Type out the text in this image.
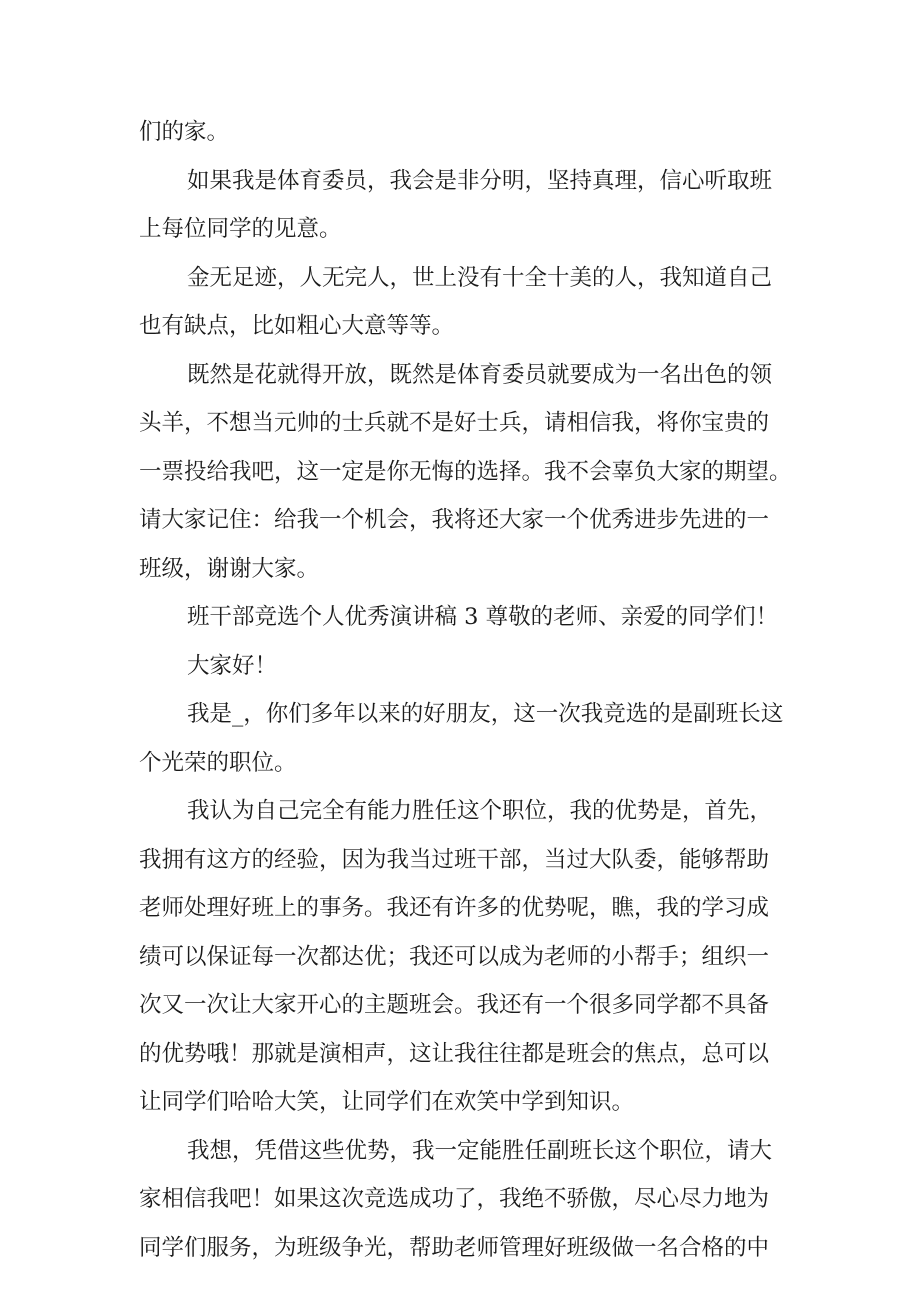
们的家。
如果我是体育委员，我会是非分明，坚持真理，信心听取班
上每位同学的见意。
金无足迹，人无完人，世上没有十全十美的人，我知道自己
也有缺点，比如粗心大意等等。
既然是花就得开放，既然是体育委员就要成为一名出色的领
头羊，不想当元帅的士兵就不是好士兵，请相信我，将你宝贵的
一票投给我吧，这一定是你无悔的选择。我不会辜负大家的期望。
请大家记住：给我一个机会，我将还大家一个优秀进步先进的一
班级，谢谢大家。
班干部竞选个人优秀演讲稿 3 尊敬的老师、亲爱的同学们！
大家好！
我是_，你们多年以来的好朋友，这一次我竞选的是副班长这
个光荣的职位。
我认为自己完全有能力胜任这个职位，我的优势是，首先，
我拥有这方的经验，因为我当过班干部，当过大队委，能够帮助
老师处理好班上的事务。我还有许多的优势呢，瞧，我的学习成
绩可以保证每一次都达优；我还可以成为老师的小帮手；组织一
次又一次让大家开心的主题班会。我还有一个很多同学都不具备
的优势哦！那就是演相声，这让我往往都是班会的焦点，总可以
让同学们哈哈大笑，让同学们在欢笑中学到知识。
我想，凭借这些优势，我一定能胜任副班长这个职位，请大
家相信我吧！如果这次竞选成功了，我绝不骄傲，尽心尽力地为
同学们服务，为班级争光，帮助老师管理好班级做一名合格的中
